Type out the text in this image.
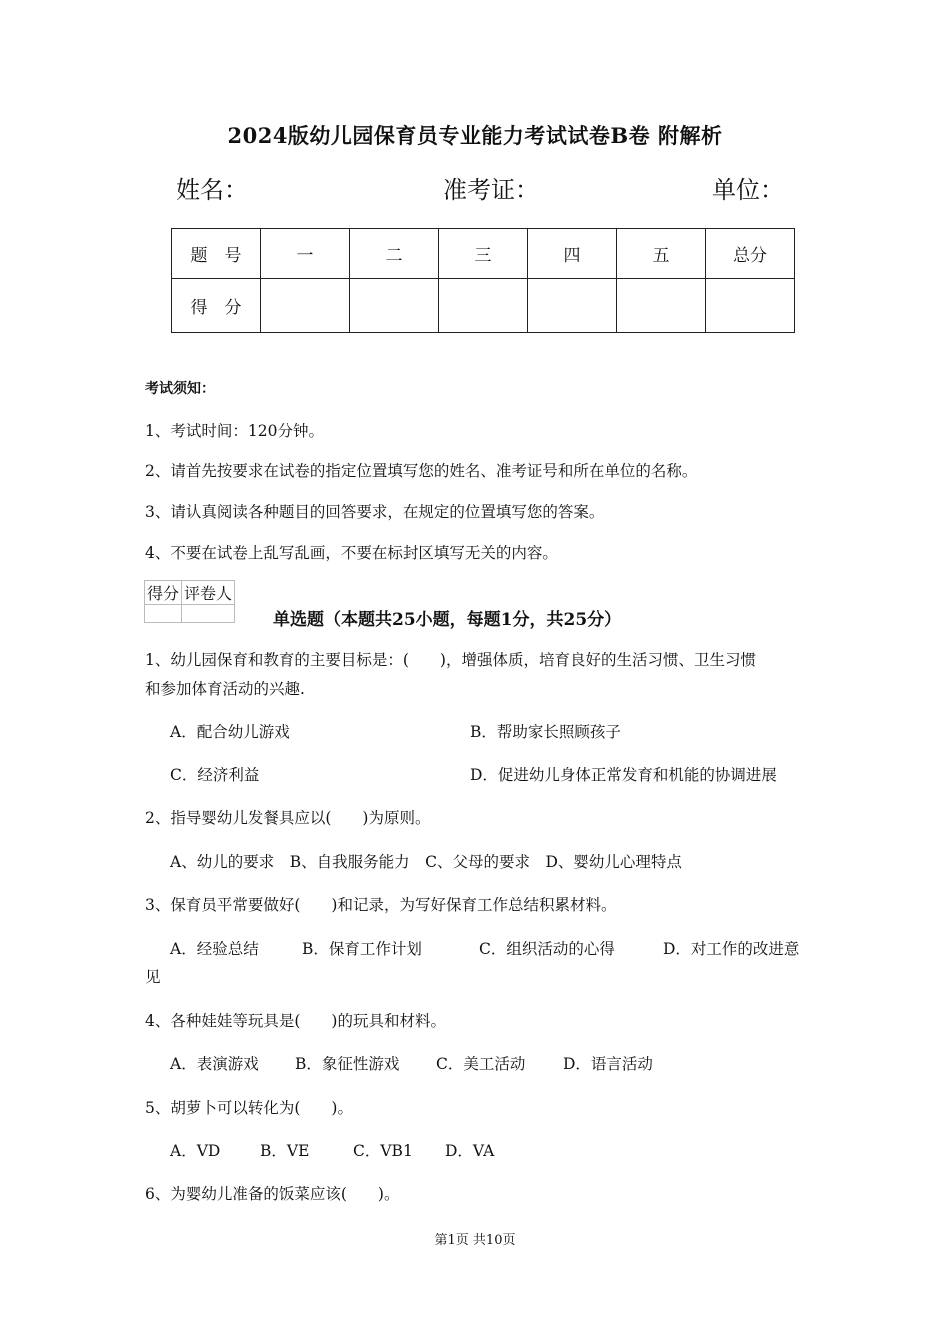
2024版幼儿园保育员专业能力考试试卷B卷 附解析
姓名：	准考证：	单位：
题　号	一	二	三	四	五	总分
得　分						
考试须知：
1、考试时间：120分钟。
2、请首先按要求在试卷的指定位置填写您的姓名、准考证号和所在单位的名称。
3、请认真阅读各种题目的回答要求，在规定的位置填写您的答案。
4、不要在试卷上乱写乱画，不要在标封区填写无关的内容。
得分	评卷人

单选题（本题共25小题，每题1分，共25分）
1、幼儿园保育和教育的主要目标是：(　　)，增强体质，培育良好的生活习惯、卫生习惯
和参加体育活动的兴趣.
A．配合幼儿游戏	B．帮助家长照顾孩子
C．经济利益	D．促进幼儿身体正常发育和机能的协调进展
2、指导婴幼儿发餐具应以(　　)为原则。
A、幼儿的要求　B、自我服务能力　C、父母的要求　D、婴幼儿心理特点
3、保育员平常要做好(　　)和记录，为写好保育工作总结积累材料。
A．经验总结	B．保育工作计划	C．组织活动的心得	D．对工作的改进意
见
4、各种娃娃等玩具是(　　)的玩具和材料。
A．表演游戏 B．象征性游戏 C．美工活动 D．语言活动
5、胡萝卜可以转化为(　　)。
A．VD	B．VE	C．VB1 D．VA
6、为婴幼儿准备的饭菜应该(　　)。
第1页 共10页
